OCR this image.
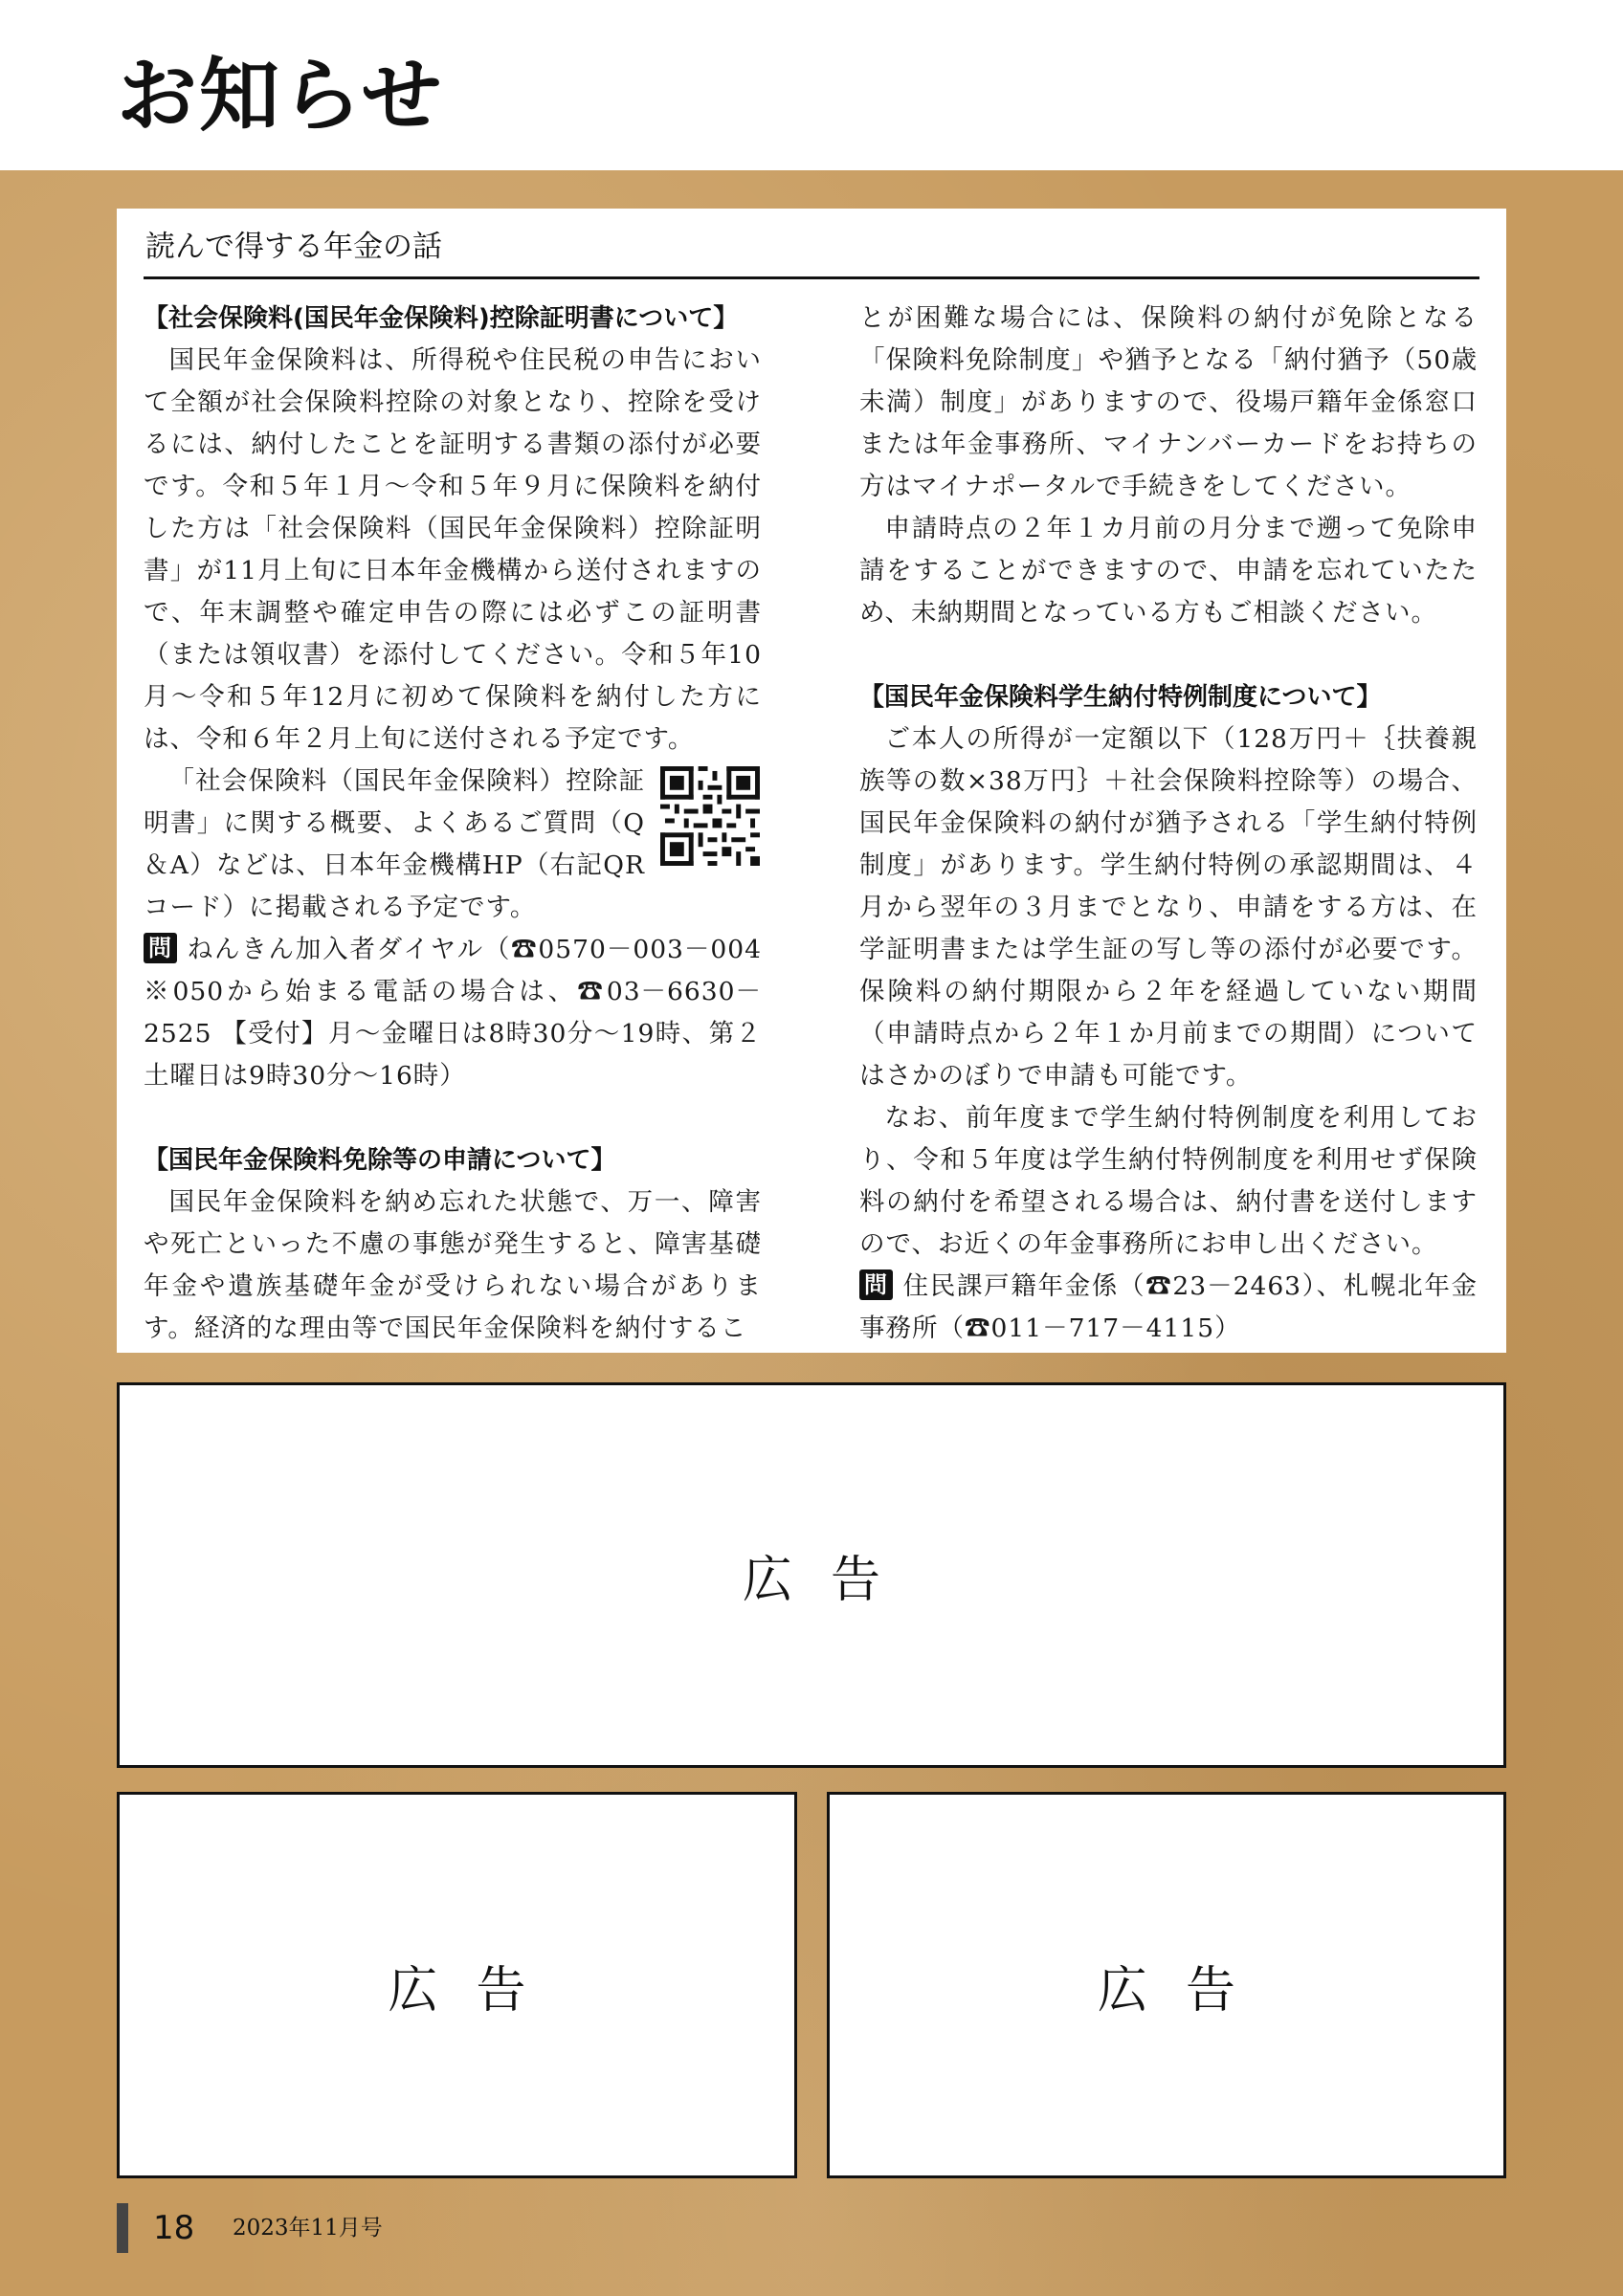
お知らせ
読んで得する年金の話
【社会保険料(国民年金保険料)控除証明書について】

国民年金保険料は、所得税や住民税の申告において全額が社会保険料控除の対象となり、控除を受けるには、納付したことを証明する書類の添付が必要です。令和５年１月～令和５年９月に保険料を納付した方は「社会保険料（国民年金保険料）控除証明書」が11月上旬に日本年金機構から送付されますので、年末調整や確定申告の際には必ずこの証明書（または領収書）を添付してください。令和５年10月～令和５年12月に初めて保険料を納付した方には、令和６年２月上旬に送付される予定です。

「社会保険料（国民年金保険料）控除証明書」に関する概要、よくあるご質問（Q＆A）などは、日本年金機構HP（右記QRコード）に掲載される予定です。

問 ねんきん加入者ダイヤル（☎0570－003－004 ※050から始まる電話の場合は、☎03－6630－2525 【受付】月～金曜日は8時30分～19時、第２土曜日は9時30分～16時）

【国民年金保険料免除等の申請について】

国民年金保険料を納め忘れた状態で、万一、障害や死亡といった不慮の事態が発生すると、障害基礎年金や遺族基礎年金が受けられない場合があります。経済的な理由等で国民年金保険料を納付するこ

とが困難な場合には、保険料の納付が免除となる「保険料免除制度」や猶予となる「納付猶予（50歳未満）制度」がありますので、役場戸籍年金係窓口または年金事務所、マイナンバーカードをお持ちの方はマイナポータルで手続きをしてください。

申請時点の２年１カ月前の月分まで遡って免除申請をすることができますので、申請を忘れていたため、未納期間となっている方もご相談ください。

【国民年金保険料学生納付特例制度について】

ご本人の所得が一定額以下（128万円＋｛扶養親族等の数×38万円｝＋社会保険料控除等）の場合、国民年金保険料の納付が猶予される「学生納付特例制度」があります。学生納付特例の承認期間は、４月から翌年の３月までとなり、申請をする方は、在学証明書または学生証の写し等の添付が必要です。保険料の納付期限から２年を経過していない期間（申請時点から２年１か月前までの期間）についてはさかのぼりで申請も可能です。

なお、前年度まで学生納付特例制度を利用しており、令和５年度は学生納付特例制度を利用せず保険料の納付を希望される場合は、納付書を送付しますので、お近くの年金事務所にお申し出ください。

問 住民課戸籍年金係（☎23－2463）、札幌北年金事務所（☎011－717－4115）

広告
広告	広告
18 2023年11月号
